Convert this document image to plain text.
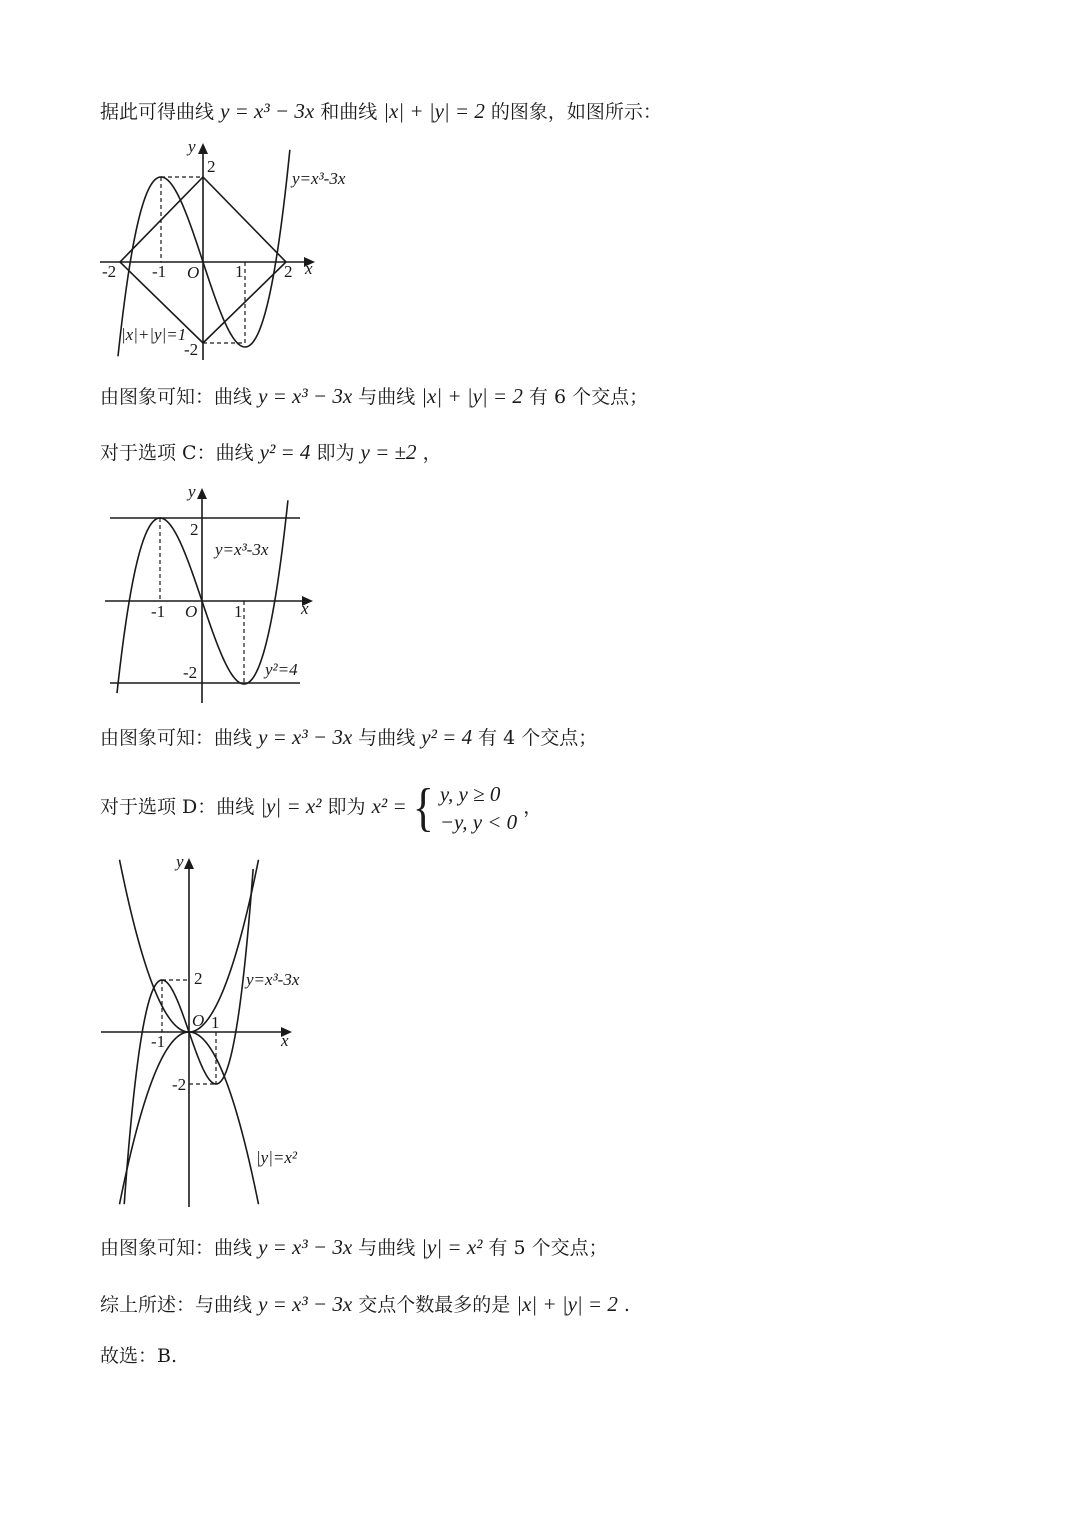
据此可得曲线 y = x³ − 3x 和曲线 |x| + |y| = 2 的图象，如图所示：
y
x
O
-2 -1	1 2
2
-2
y=x³-3x
|x|+|y|=1
由图象可知：曲线 y = x³ − 3x 与曲线 |x| + |y| = 2 有 6 个交点；
对于选项 C：曲线 y² = 4 即为 y = ±2 ，
y
x
O
-1	1
2
-2
y=x³-3x
y²=4
由图象可知：曲线 y = x³ − 3x 与曲线 y² = 4 有 4 个交点；
对于选项 D：曲线 |y| = x² 即为 x² = { y, y ≥ 0
−y, y < 0
，
y
x
O
-1
1
2
-2
y=x³-3x
|y|=x²
由图象可知：曲线 y = x³ − 3x 与曲线 |y| = x² 有 5 个交点；
综上所述：与曲线 y = x³ − 3x 交点个数最多的是 |x| + |y| = 2 .
故选：B.
